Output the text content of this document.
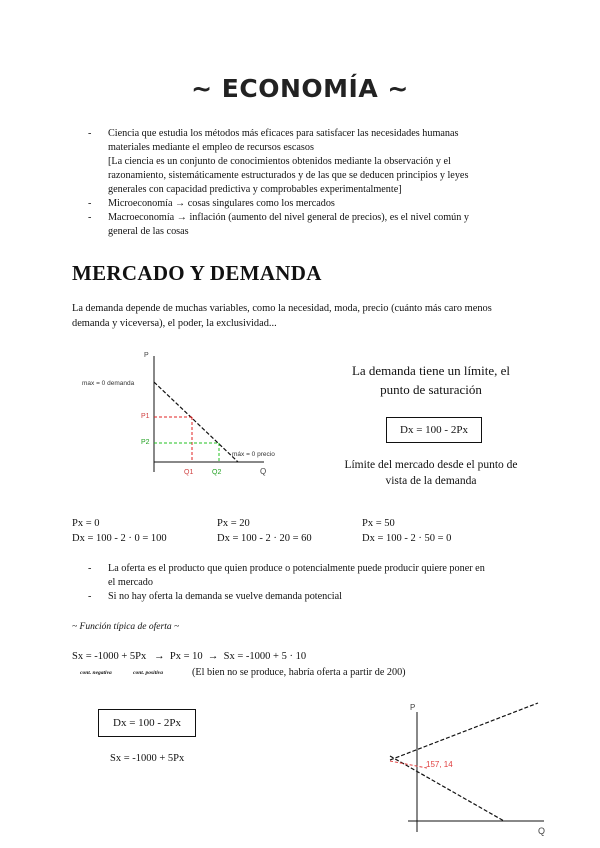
~ ECONOMÍA ~
-	Ciencia que estudia los métodos más eficaces para satisfacer las necesidades humanas
materiales mediante el empleo de recursos escasos
[La ciencia es un conjunto de conocimientos obtenidos mediante la observación y el
razonamiento, sistemáticamente estructurados y de las que se deducen principios y leyes
generales con capacidad predictiva y comprobables experimentalmente]
-	Microeconomía → cosas singulares como los mercados
-	Macroeconomía → inflación (aumento del nivel general de precios), es el nivel común y
general de las cosas
MERCADO Y DEMANDA
La demanda depende de muchas variables, como la necesidad, moda, precio (cuánto más caro menos
demanda y viceversa), el poder, la exclusividad...
P
Q
max = 0 demanda
P1
P2
Q1	Q2
máx = 0 precio
La demanda tiene un límite, el
punto de saturación
Dx = 100 - 2Px
Límite del mercado desde el punto de
vista de la demanda
Px = 0
Dx = 100 - 2 · 0 = 100
Px = 20
Dx = 100 - 2 · 20 = 60
Px = 50
Dx = 100 - 2 · 50 = 0
-	La oferta es el producto que quien produce o potencialmente puede producir quiere poner en
el mercado
-	Si no hay oferta la demanda se vuelve demanda potencial
~ Función típica de oferta ~
Sx = -1000 + 5Px   →  Px = 10  →  Sx = -1000 + 5 · 10
cont. negativa	cont. positiva	(El bien no se produce, habría oferta a partir de 200)
Dx = 100 - 2Px
Sx = -1000 + 5Px
P
Q
157, 14
